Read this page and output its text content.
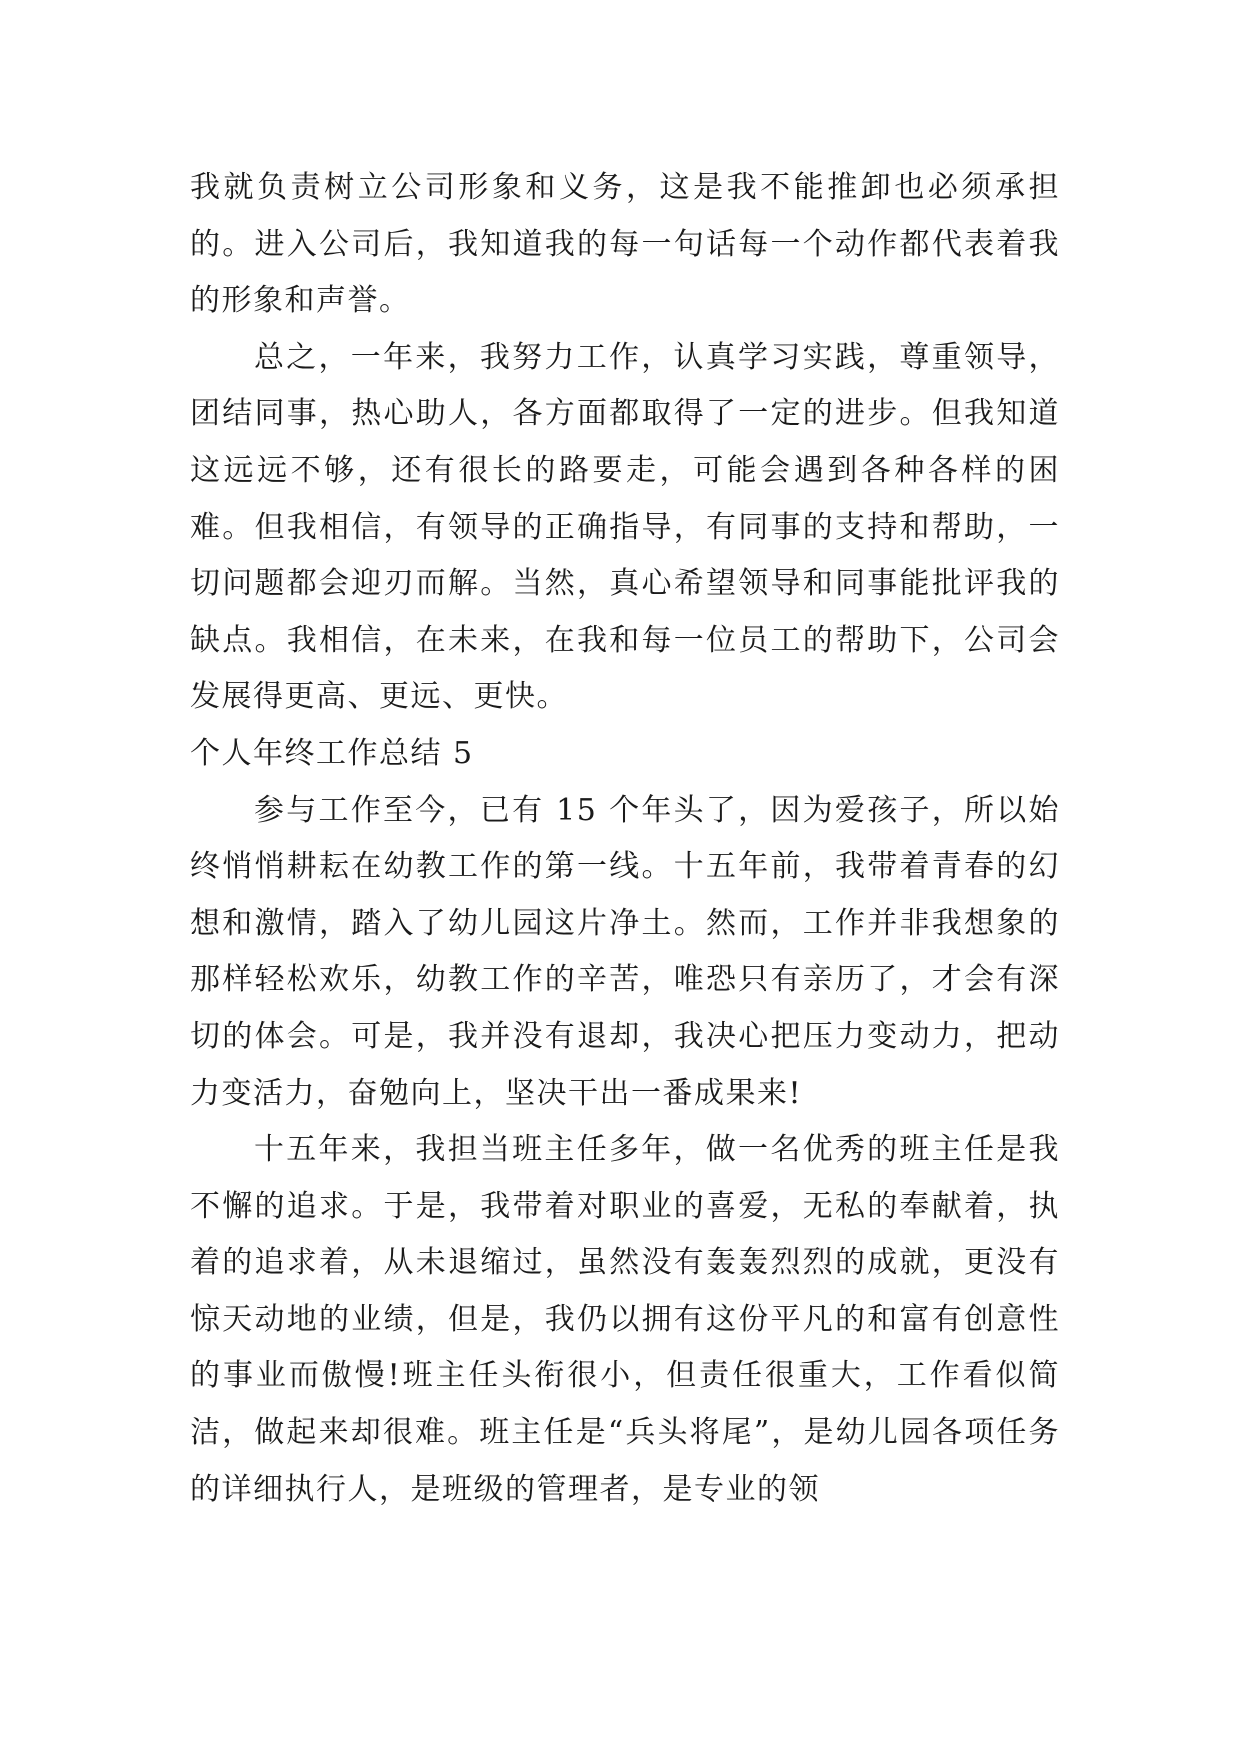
我就负责树立公司形象和义务，这是我不能推卸也必须承担的。进入公司后，我知道我的每一句话每一个动作都代表着我的形象和声誉。

总之，一年来，我努力工作，认真学习实践，尊重领导，团结同事，热心助人，各方面都取得了一定的进步。但我知道这远远不够，还有很长的路要走，可能会遇到各种各样的困难。但我相信，有领导的正确指导，有同事的支持和帮助，一切问题都会迎刃而解。当然，真心希望领导和同事能批评我的缺点。我相信，在未来，在我和每一位员工的帮助下，公司会发展得更高、更远、更快。

个人年终工作总结 5

参与工作至今，已有 15 个年头了，因为爱孩子，所以始终悄悄耕耘在幼教工作的第一线。十五年前，我带着青春的幻想和激情，踏入了幼儿园这片净土。然而，工作并非我想象的那样轻松欢乐，幼教工作的辛苦，唯恐只有亲历了，才会有深切的体会。可是，我并没有退却，我决心把压力变动力，把动力变活力，奋勉向上，坚决干出一番成果来!

十五年来，我担当班主任多年，做一名优秀的班主任是我不懈的追求。于是，我带着对职业的喜爱，无私的奉献着，执着的追求着，从未退缩过，虽然没有轰轰烈烈的成就，更没有惊天动地的业绩，但是，我仍以拥有这份平凡的和富有创意性的事业而傲慢!班主任头衔很小，但责任很重大，工作看似简洁，做起来却很难。班主任是“兵头将尾”，是幼儿园各项任务的详细执行人，是班级的管理者，是专业的领
